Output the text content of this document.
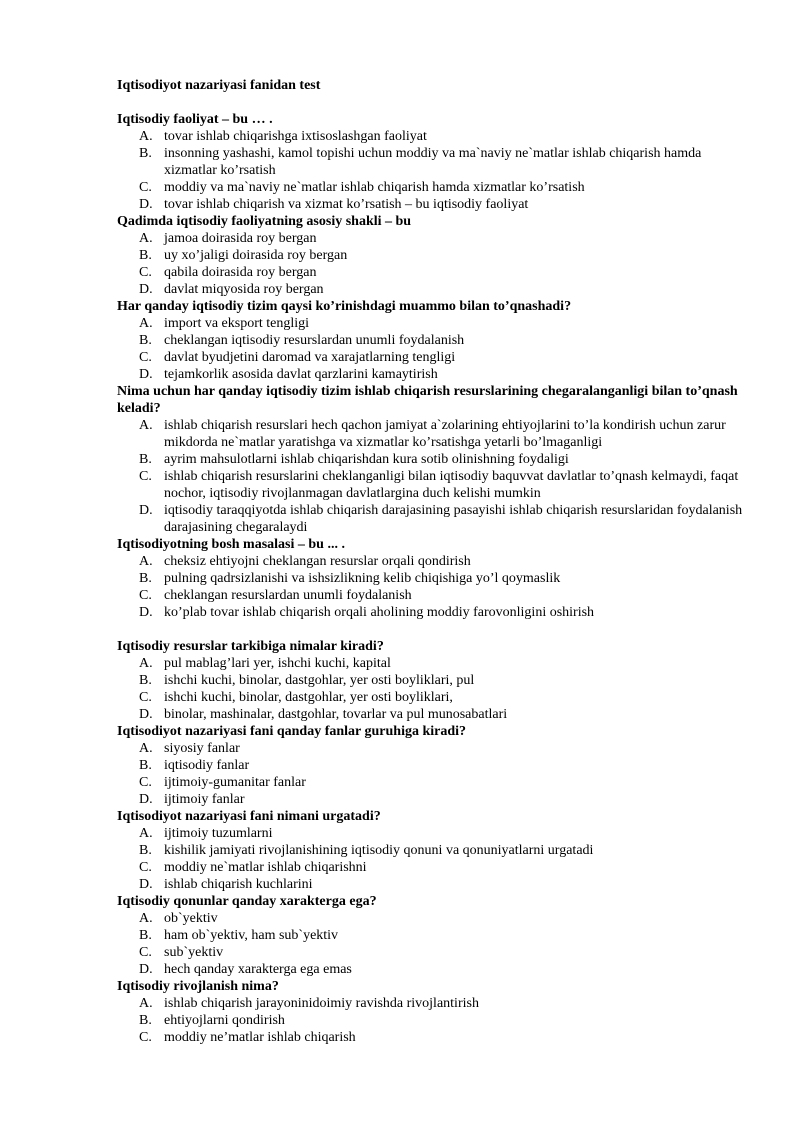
Iqtisodiyot nazariyasi fanidan test
Iqtisodiy faoliyat – bu … .
A. tovar ishlab chiqarishga ixtisoslashgan faoliyat
B. insonning yashashi, kamol topishi uchun moddiy va ma`naviy ne`matlar ishlab chiqarish hamda xizmatlar ko’rsatish
C. moddiy va ma`naviy ne`matlar ishlab chiqarish hamda xizmatlar ko’rsatish
D. tovar ishlab chiqarish va xizmat ko’rsatish – bu iqtisodiy faoliyat
Qadimda iqtisodiy faoliyatning asosiy shakli – bu
A. jamoa doirasida roy bergan
B. uy xo’jaligi doirasida roy bergan
C. qabila doirasida roy bergan
D. davlat miqyosida roy bergan
Har qanday iqtisodiy tizim qaysi ko’rinishdagi muammo bilan to’qnashadi?
A. import va eksport tengligi
B. cheklangan iqtisodiy resurslardan unumli foydalanish
C. davlat byudjetini daromad va xarajatlarning tengligi
D. tejamkorlik asosida davlat qarzlarini kamaytirish
Nima uchun har qanday iqtisodiy tizim ishlab chiqarish resurslarining chegaralanganligi bilan to’qnash keladi?
A. ishlab chiqarish resurslari hech qachon jamiyat a`zolarining ehtiyojlarini to’la kondirish uchun zarur mikdorda ne`matlar yaratishga va xizmatlar ko’rsatishga yetarli bo’lmaganligi
B. ayrim mahsulotlarni ishlab chiqarishdan kura sotib olinishning foydaligi
C. ishlab chiqarish resurslarini cheklanganligi bilan iqtisodiy baquvvat davlatlar to’qnash kelmaydi, faqat nochor, iqtisodiy rivojlanmagan davlatlargina duch kelishi mumkin
D. iqtisodiy taraqqiyotda ishlab chiqarish darajasining pasayishi ishlab chiqarish resurslaridan foydalanish darajasining chegaralaydi
Iqtisodiyotning bosh masalasi – bu ... .
A. cheksiz ehtiyojni cheklangan resurslar orqali qondirish
B. pulning qadrsizlanishi va ishsizlikning kelib chiqishiga yo’l qoymaslik
C. cheklangan resurslardan unumli foydalanish
D. ko’plab tovar ishlab chiqarish orqali aholining moddiy farovonligini oshirish
Iqtisodiy resurslar tarkibiga nimalar kiradi?
A. pul mablag’lari yer, ishchi kuchi, kapital
B. ishchi kuchi, binolar, dastgohlar, yer osti boyliklari, pul
C. ishchi kuchi, binolar, dastgohlar, yer osti boyliklari,
D. binolar, mashinalar, dastgohlar, tovarlar va pul munosabatlari
Iqtisodiyot nazariyasi fani qanday fanlar guruhiga kiradi?
A. siyosiy fanlar
B. iqtisodiy fanlar
C. ijtimoiy-gumanitar fanlar
D. ijtimoiy fanlar
Iqtisodiyot nazariyasi fani nimani urgatadi?
A. ijtimoiy tuzumlarni
B. kishilik jamiyati rivojlanishining iqtisodiy qonuni va qonuniyatlarni urgatadi
C. moddiy ne`matlar ishlab chiqarishni
D. ishlab chiqarish kuchlarini
Iqtisodiy qonunlar qanday xarakterga ega?
A. ob`yektiv
B. ham ob`yektiv, ham sub`yektiv
C. sub`yektiv
D. hech qanday xarakterga ega emas
Iqtisodiy rivojlanish nima?
A. ishlab chiqarish jarayoninidoimiy ravishda rivojlantirish
B. ehtiyojlarni qondirish
C. moddiy ne’matlar ishlab chiqarish
